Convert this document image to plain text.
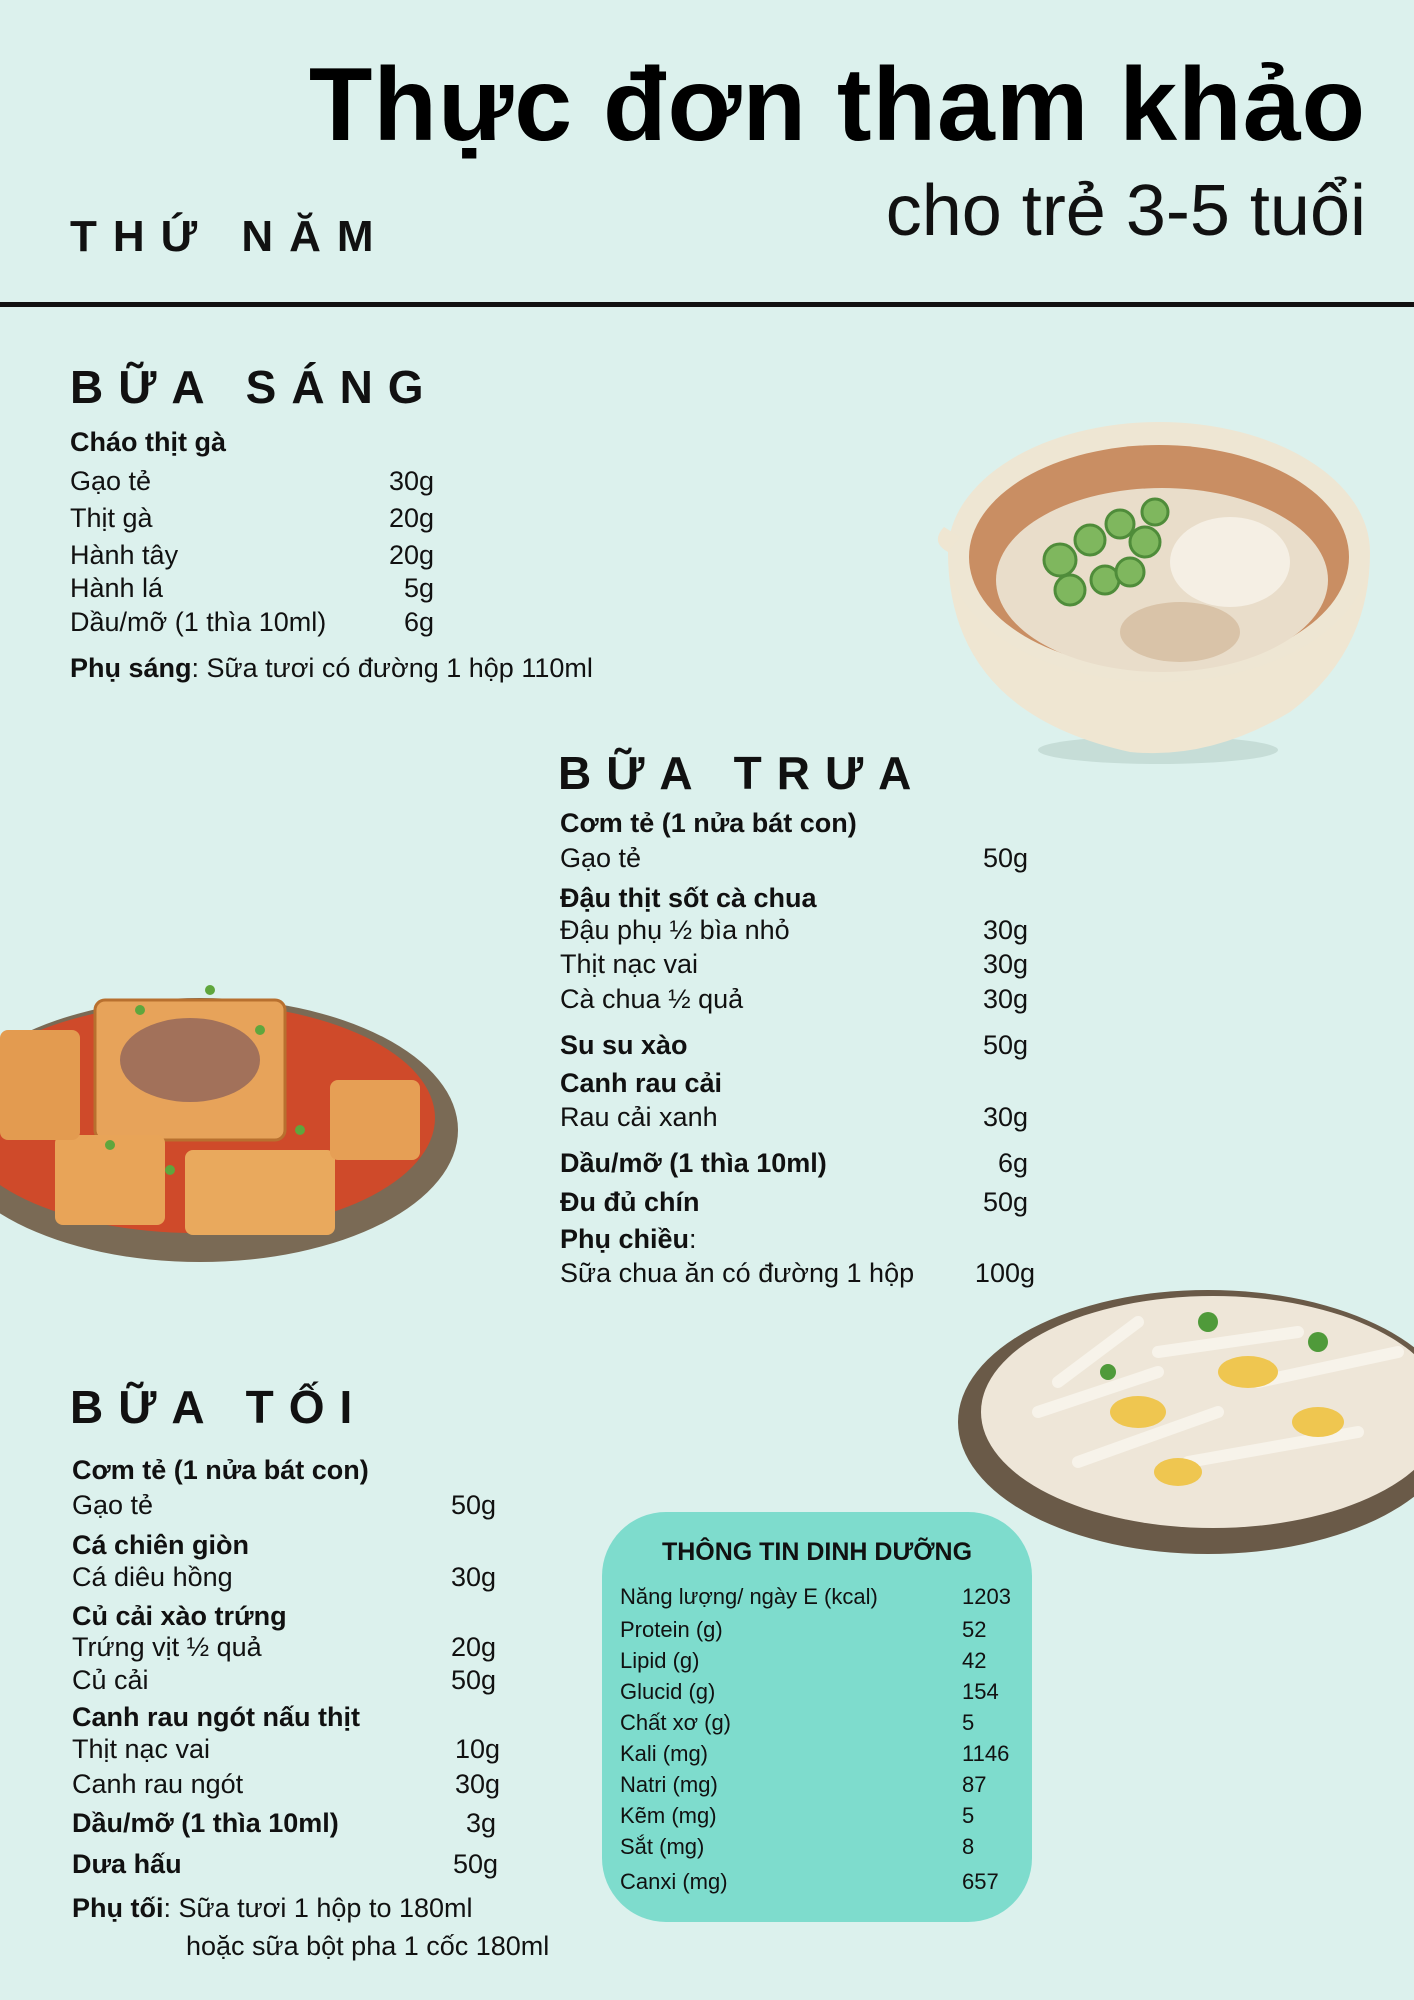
Thực đơn tham khảo
cho trẻ 3-5 tuổi
THỨ NĂM
BỮA SÁNG
Cháo thịt gà
Gạo tẻ	30g
Thịt gà	20g
Hành tây	20g
Hành lá	5g
Dầu/mỡ (1 thìa 10ml)	6g
Phụ sáng: Sữa tươi có đường 1 hộp 110ml
BỮA TRƯA
Cơm tẻ (1 nửa bát con)
Gạo tẻ	50g
Đậu thịt sốt cà chua
Đậu phụ ½ bìa nhỏ	30g
Thịt nạc vai	30g
Cà chua ½ quả	30g
Su su xào	50g
Canh rau cải
Rau cải xanh	30g
Dầu/mỡ (1 thìa 10ml)	6g
Đu đủ chín	50g
Phụ chiều:
Sữa chua ăn có đường 1 hộp 100g
BỮA TỐI
Cơm tẻ (1 nửa bát con)
Gạo tẻ	50g
Cá chiên giòn
Cá diêu hồng	30g
Củ cải xào trứng
Trứng vịt ½ quả	20g
Củ cải	50g
Canh rau ngót nấu thịt
Thịt nạc vai	10g
Canh rau ngót	30g
Dầu/mỡ (1 thìa 10ml)	3g
Dưa hấu	50g
Phụ tối: Sữa tươi 1 hộp to 180ml
hoặc sữa bột pha 1 cốc 180ml
THÔNG TIN DINH DƯỠNG
Năng lượng/ ngày E (kcal)	1203
Protein (g)	52
Lipid (g)	42
Glucid (g)	154
Chất xơ (g)	5
Kali (mg)	1146
Natri (mg)	87
Kẽm (mg)	5
Sắt (mg)	8
Canxi (mg)	657
